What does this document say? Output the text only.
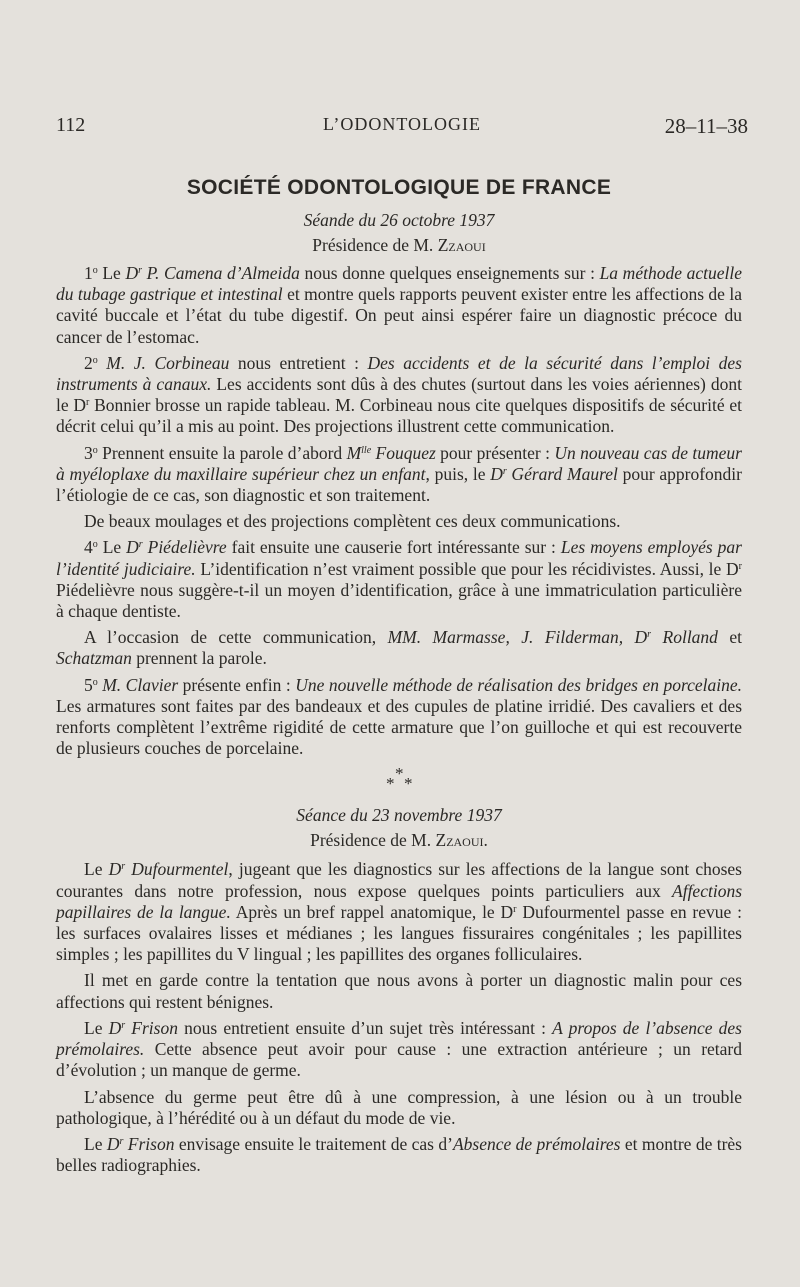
112	L’ODONTOLOGIE	28–11–38
SOCIÉTÉ ODONTOLOGIQUE DE FRANCE
Séande du 26 octobre 1937
Présidence de M. Zzaoui

1$^o$ Le $D^r$ P. Camena d’Almeida nous donne quelques enseignements sur : La méthode actuelle du tubage gastrique et intestinal et montre quels rapports peuvent exister entre les affections de la cavité buccale et l’état du tube digestif. On peut ainsi espérer faire un diagnostic précoce du cancer de l’estomac.

2$^o$ M. J. Corbineau nous entretient : Des accidents et de la sécurité dans l’emploi des instruments à canaux. Les accidents sont dûs à des chutes (surtout dans les voies aériennes) dont le $D^r$ Bonnier brosse un rapide tableau. M. Corbineau nous cite quelques dispositifs de sécurité et décrit celui qu’il a mis au point. Des projections illustrent cette communication.

3$^o$ Prennent ensuite la parole d’abord $M^{lle}$ Fouquez pour présenter : Un nouveau cas de tumeur à myéloplaxe du maxillaire supérieur chez un enfant, puis, le $D^r$ Gérard Maurel pour approfondir l’étiologie de ce cas, son diagnostic et son traitement.

De beaux moulages et des projections complètent ces deux communications.

4$^o$ Le $D^r$ Piédelièvre fait ensuite une causerie fort intéressante sur : Les moyens employés par l’identité judiciaire. L’identification n’est vraiment possible que pour les récidivistes. Aussi, le $D^r$ Piédelièvre nous suggère-t-il un moyen d’identification, grâce à une immatriculation particulière à chaque dentiste.

A l’occasion de cette communication, MM. Marmasse, J. Filderman, $D^r$ Rolland et Schatzman prennent la parole.

5$^o$ M. Clavier présente enfin : Une nouvelle méthode de réalisation des bridges en porcelaine. Les armatures sont faites par des bandeaux et des cupules de platine irridié. Des cavaliers et des renforts complètent l’extrême rigidité de cette armature que l’on guilloche et qui est recouverte de plusieurs couches de porcelaine.

*
* *
Séance du 23 novembre 1937
Présidence de M. Zzaoui.

Le $D^r$ Dufourmentel, jugeant que les diagnostics sur les affections de la langue sont choses courantes dans notre profession, nous expose quelques points particuliers aux Affections papillaires de la langue. Après un bref rappel anatomique, le $D^r$ Dufourmentel passe en revue : les surfaces ovalaires lisses et médianes ; les langues fissuraires congénitales ; les papillites simples ; les papillites du V lingual ; les papillites des organes folliculaires.

Il met en garde contre la tentation que nous avons à porter un diagnostic malin pour ces affections qui restent bénignes.

Le $D^r$ Frison nous entretient ensuite d’un sujet très intéressant : A propos de l’absence des prémolaires. Cette absence peut avoir pour cause : une extraction antérieure ; un retard d’évolution ; un manque de germe.

L’absence du germe peut être dû à une compression, à une lésion ou à un trouble pathologique, à l’hérédité ou à un défaut du mode de vie.

Le $D^r$ Frison envisage ensuite le traitement de cas d’Absence de prémolaires et montre de très belles radiographies.
